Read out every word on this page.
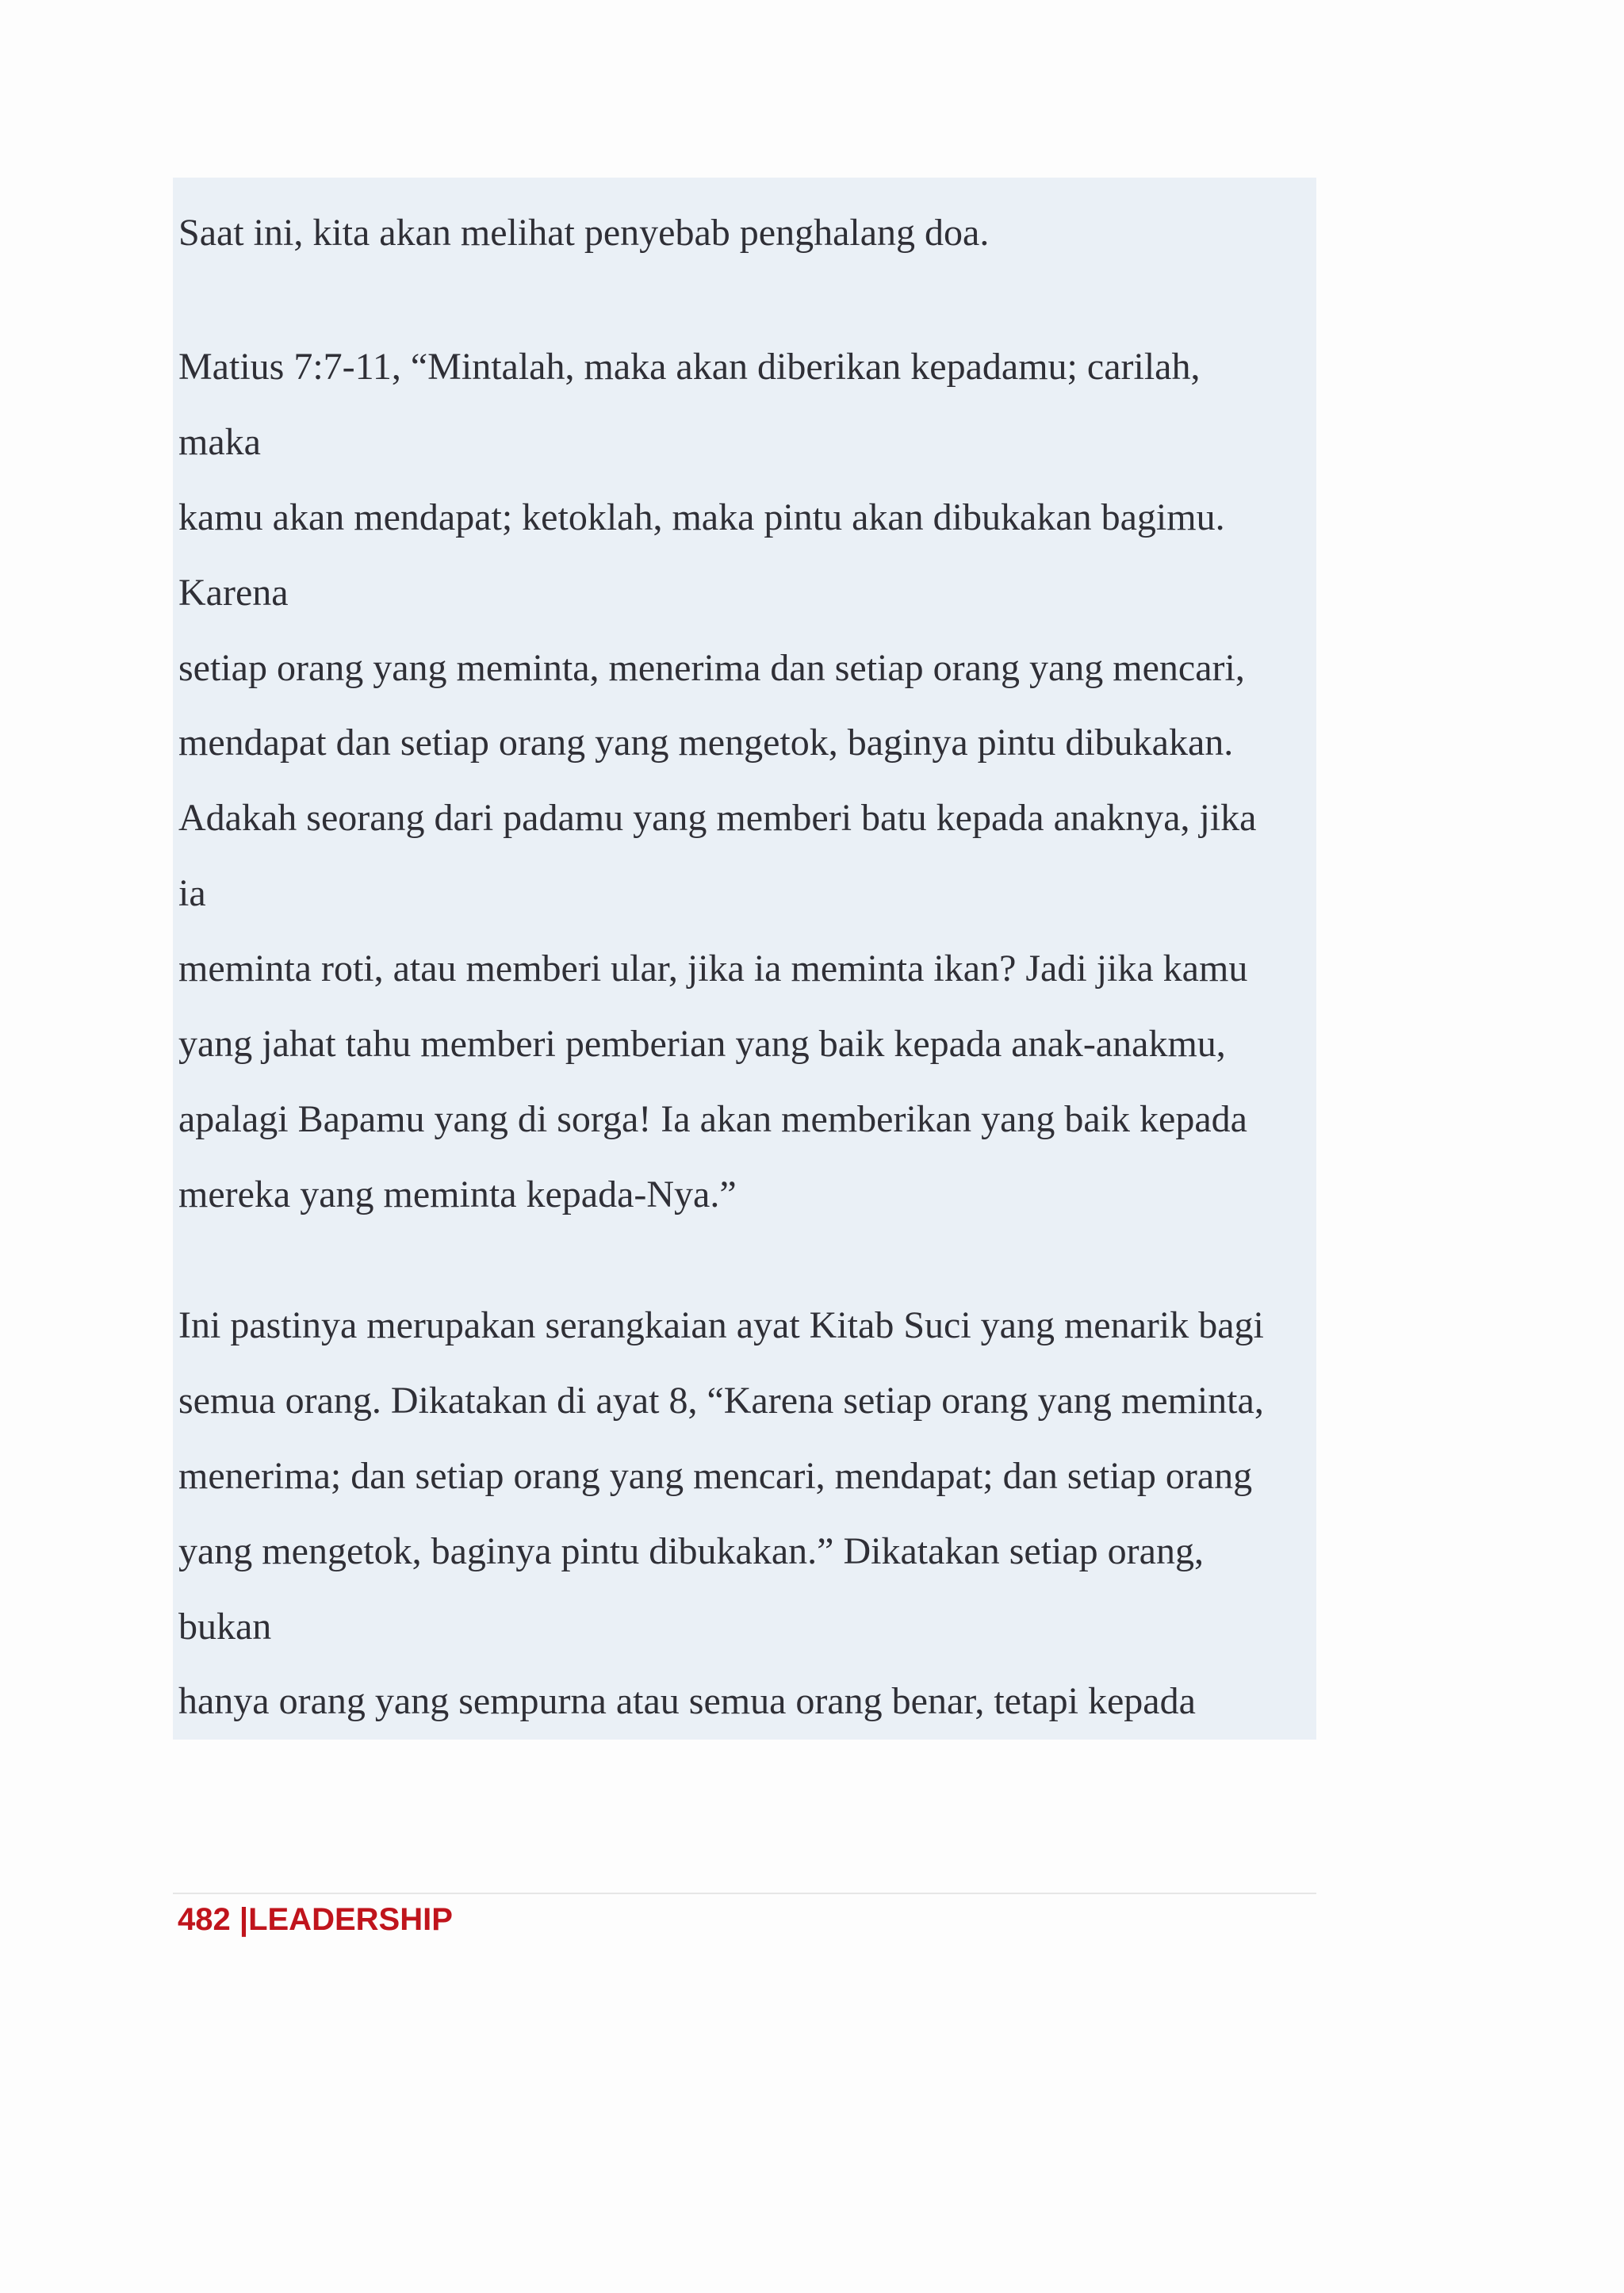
Saat ini, kita akan melihat penyebab penghalang doa.
Matius 7:7-11, “Mintalah, maka akan diberikan kepadamu; carilah,
maka
kamu akan mendapat; ketoklah, maka pintu akan dibukakan bagimu.
Karena
setiap orang yang meminta, menerima dan setiap orang yang mencari,
mendapat dan setiap orang yang mengetok, baginya pintu dibukakan.
Adakah seorang dari padamu yang memberi batu kepada anaknya, jika
ia
meminta roti, atau memberi ular, jika ia meminta ikan? Jadi jika kamu
yang jahat tahu memberi pemberian yang baik kepada anak-anakmu,
apalagi Bapamu yang di sorga! Ia akan memberikan yang baik kepada
mereka yang meminta kepada-Nya.”
Ini pastinya merupakan serangkaian ayat Kitab Suci yang menarik bagi
semua orang. Dikatakan di ayat 8, “Karena setiap orang yang meminta,
menerima; dan setiap orang yang mencari, mendapat; dan setiap orang
yang mengetok, baginya pintu dibukakan.” Dikatakan setiap orang,
bukan
hanya orang yang sempurna atau semua orang benar, tetapi kepada
482 |LEADERSHIP
